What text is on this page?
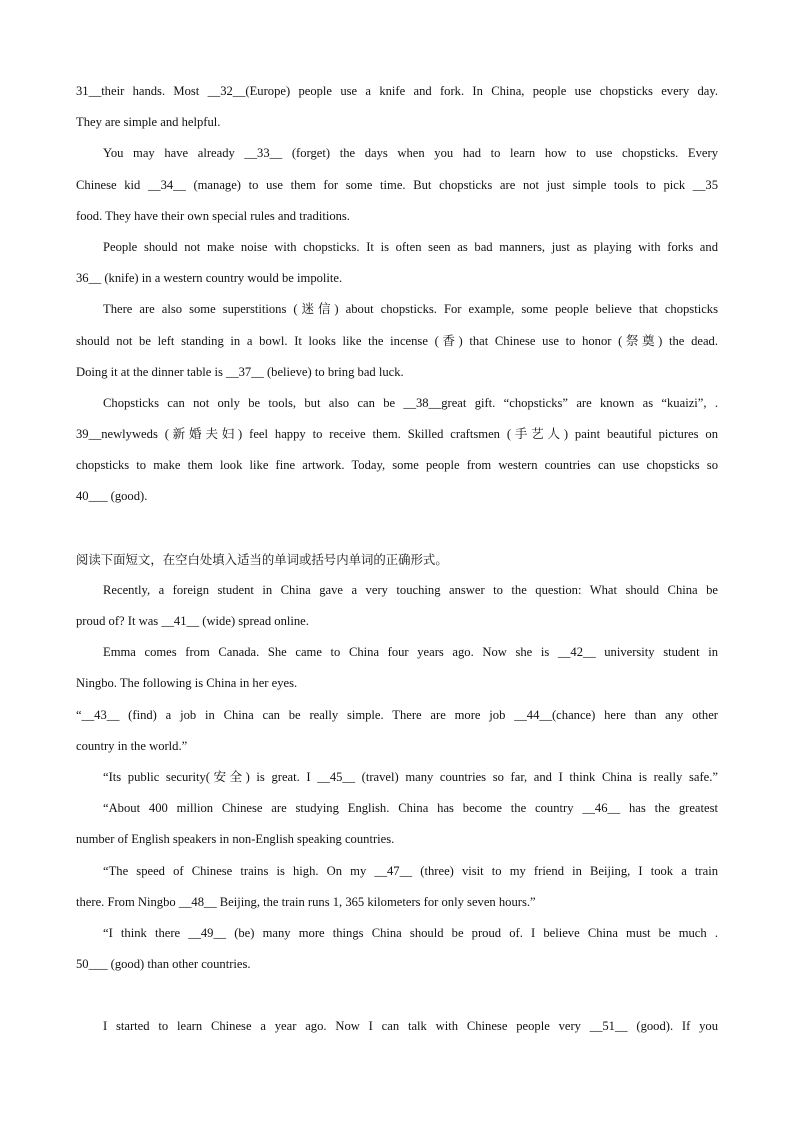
31__their hands. Most __32__(Europe) people use a knife and fork. In China, people use chopsticks every day.
They are simple and helpful.
You may have already __33__ (forget) the days when you had to learn how to use chopsticks. Every
Chinese kid __34__ (manage) to use them for some time. But chopsticks are not just simple tools to pick __35
food. They have their own special rules and traditions.
People should not make noise with chopsticks. It is often seen as bad manners, just as playing with forks and
36__ (knife) in a western country would be impolite.
There are also some superstitions (迷信) about chopsticks. For example, some people believe that chopsticks
should not be left standing in a bowl. It looks like the incense (香) that Chinese use to honor (祭奠) the dead.
Doing it at the dinner table is __37__ (believe) to bring bad luck.
Chopsticks can not only be tools, but also can be __38__great gift. “chopsticks” are known as “kuaizi”, .
39__newlyweds (新婚夫妇) feel happy to receive them. Skilled craftsmen (手艺人) paint beautiful pictures on
chopsticks to make them look like fine artwork. Today, some people from western countries can use chopsticks so
40___ (good).
阅读下面短文，在空白处填入适当的单词或括号内单词的正确形式。
Recently, a foreign student in China gave a very touching answer to the question: What should China be
proud of? It was __41__ (wide) spread online.
Emma comes from Canada. She came to China four years ago. Now she is __42__ university student in
Ningbo. The following is China in her eyes.
“__43__ (find) a job in China can be really simple. There are more job __44__(chance) here than any other
country in the world.”
“Its public security(安全) is great. I __45__ (travel) many countries so far, and I think China is really safe.”
“About 400 million Chinese are studying English. China has become the country __46__ has the greatest
number of English speakers in non-English speaking countries.
“The speed of Chinese trains is high. On my __47__ (three) visit to my friend in Beijing, I took a train
there. From Ningbo __48__ Beijing, the train runs 1, 365 kilometers for only seven hours.”
“I think there __49__ (be) many more things China should be proud of. I believe China must be much .
50___ (good) than other countries.
I started to learn Chinese a year ago. Now I can talk with Chinese people very __51__ (good). If you
